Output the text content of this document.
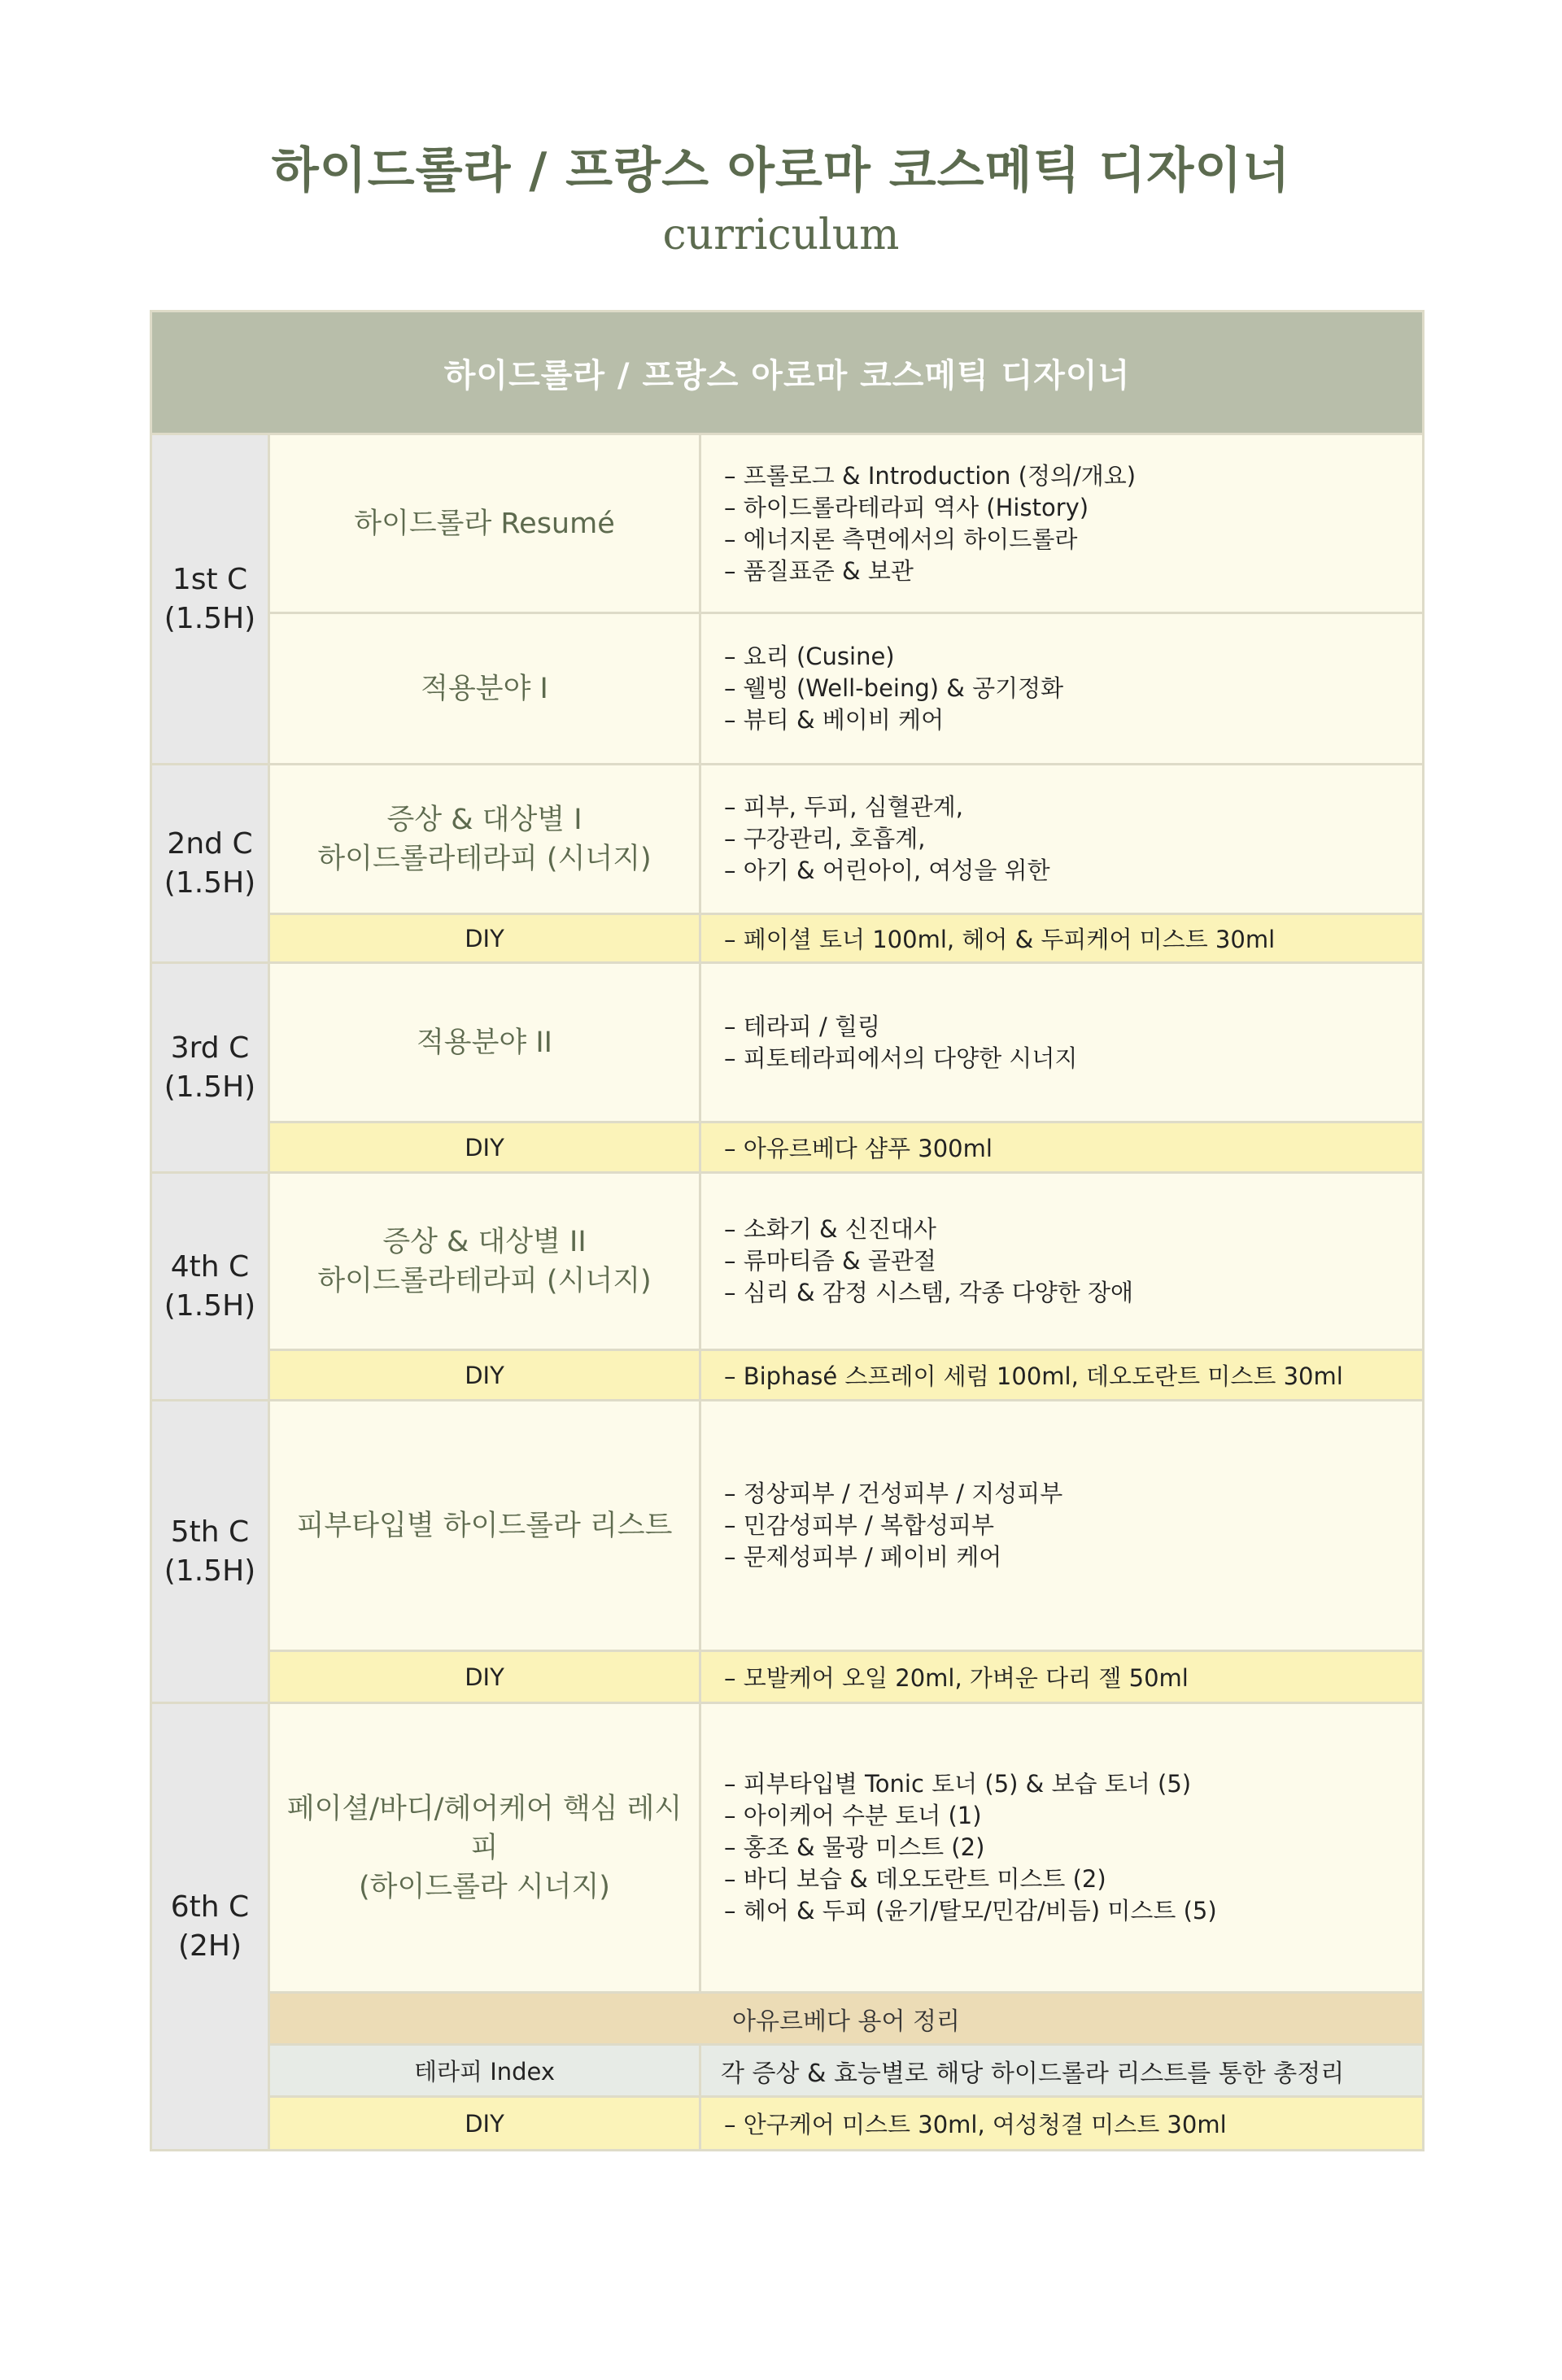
하이드롤라 / 프랑스 아로마 코스메틱 디자이너
curriculum
하이드롤라 / 프랑스 아로마 코스메틱 디자이너		

1st C
(1.5H)	하이드롤라 Resumé	– 프롤로그 & Introduction (정의/개요)
– 하이드롤라테라피 역사 (History)
– 에너지론 측면에서의 하이드롤라
– 품질표준 & 보관

	적용분야 I	– 요리 (Cusine)
– 웰빙 (Well-being) & 공기정화
– 뷰티 & 베이비 케어

2nd C
(1.5H)	증상 & 대상별 I
하이드롤라테라피 (시너지)	– 피부, 두피, 심혈관계,
– 구강관리, 호흡계,
– 아기 & 어린아이, 여성을 위한

	DIY	– 페이셜 토너 100ml, 헤어 & 두피케어 미스트 30ml

3rd C
(1.5H)	적용분야 II	– 테라피 / 힐링
– 피토테라피에서의 다양한 시너지

	DIY	– 아유르베다 샴푸 300ml

4th C
(1.5H)	증상 & 대상별 II
하이드롤라테라피 (시너지)	– 소화기 & 신진대사
– 류마티즘 & 골관절
– 심리 & 감정 시스템, 각종 다양한 장애

	DIY	– Biphasé 스프레이 세럼 100ml, 데오도란트 미스트 30ml

5th C
(1.5H)	피부타입별 하이드롤라 리스트	– 정상피부 / 건성피부 / 지성피부
– 민감성피부 / 복합성피부
– 문제성피부 / 페이비 케어

	DIY	– 모발케어 오일 20ml, 가벼운 다리 젤 50ml

6th C
(2H)	페이셜/바디/헤어케어 핵심 레시피
(하이드롤라 시너지)	– 피부타입별 Tonic 토너 (5) & 보습 토너 (5)
– 아이케어 수분 토너 (1)
– 홍조 & 물광 미스트 (2)
– 바디 보습 & 데오도란트 미스트 (2)
– 헤어 & 두피 (윤기/탈모/민감/비듬) 미스트 (5)

	아유르베다 용어 정리	
	테라피 Index	각 증상 & 효능별로 해당 하이드롤라 리스트를 통한 총정리
	DIY	– 안구케어 미스트 30ml, 여성청결 미스트 30ml
